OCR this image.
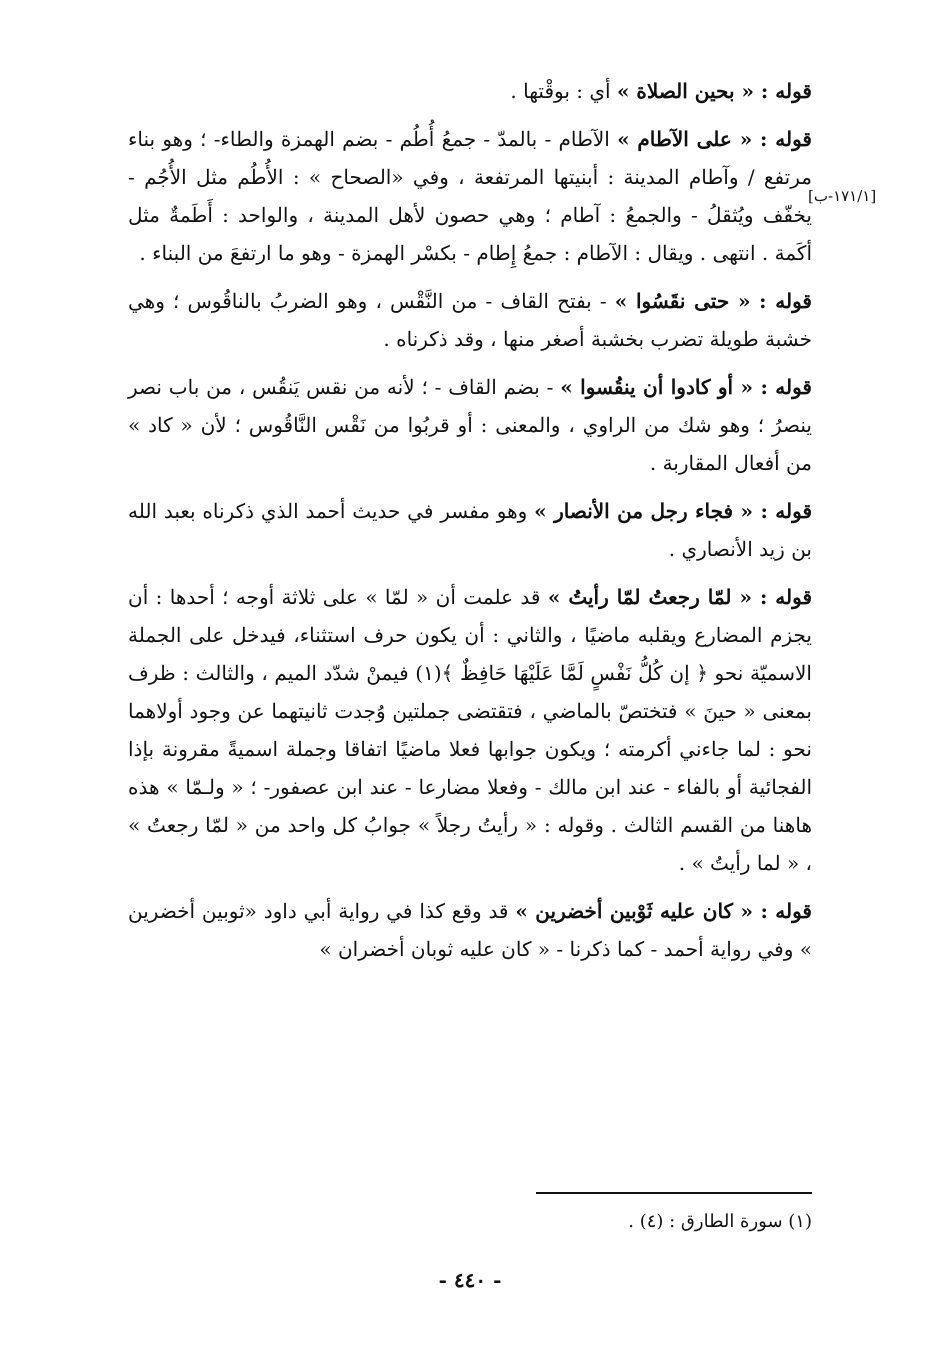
قوله : « بحين الصلاة » أي : بوقْتها .

قوله : « على الآطام » الآطام - بالمدّ - جمعُ أُطُم - بضم الهمزة والطاء- ؛ وهو بناء مرتفع / وآطام المدينة : أبنيتها المرتفعة ، وفي «الصحاح » : الأُطُم مثل الأُجُم - يخفّف ويُثقلُ - والجمعُ : آطام ؛ وهي حصون لأهل المدينة ، والواحد : أَطَمةٌ مثل أكَمة . انتهى . ويقال : الآطام : جمعُ إِطام - بكسْر الهمزة - وهو ما ارتفعَ من البناء .

قوله : « حتى نقَسُوا » - بفتح القاف - من النَّقْس ، وهو الضربُ بالناقُوس ؛ وهي خشبة طويلة تضرب بخشبة أصغر منها ، وقد ذكرناه .

قوله : « أو كادوا أن ينقُسوا » - بضم القاف - ؛ لأنه من نقس يَنقُس ، من باب نصر ينصرُ ؛ وهو شك من الراوي ، والمعنى : أو قربُوا من نَقْس النَّاقُوس ؛ لأن « كاد » من أفعال المقاربة .

قوله : « فجاء رجل من الأنصار » وهو مفسر في حديث أحمد الذي ذكرناه بعبد الله بن زيد الأنصاري .

قوله : « لمّا رجعتُ لمّا رأيتُ » قد علمت أن « لمّا » على ثلاثة أوجه ؛ أحدها : أن يجزم المضارع ويقلبه ماضيًا ، والثاني : أن يكون حرف استثناء، فيدخل على الجملة الاسميّة نحو ﴿ إن كُلُّ نَفْسٍ لَمَّا عَلَيْهَا حَافِظٌ ﴾(١) فيمنْ شدّد الميم ، والثالث : ظرف بمعنى « حينَ » فتختصّ بالماضي ، فتقتضى جملتين وُجدت ثانيتهما عن وجود أولاهما نحو : لما جاءني أكرمته ؛ ويكون جوابها فعلا ماضيًا اتفاقا وجملة اسميةً مقرونة بإذا الفجائية أو بالفاء - عند ابن مالك - وفعلا مضارعا - عند ابن عصفور- ؛ « ولـمّا » هذه هاهنا من القسم الثالث . وقوله : « رأيتُ رجلاً » جوابُ كل واحد من « لمّا رجعتُ » ، « لما رأيتُ » .

قوله : « كان عليه ثَوْبين أخضرين » قد وقع كذا في رواية أبي داود «ثوبين أخضرين » وفي رواية أحمد - كما ذكرنا - « كان عليه ثوبان أخضران »

[١٧١/١-ب]
(١) سورة الطارق : (٤) .
- ٤٤٠ -
